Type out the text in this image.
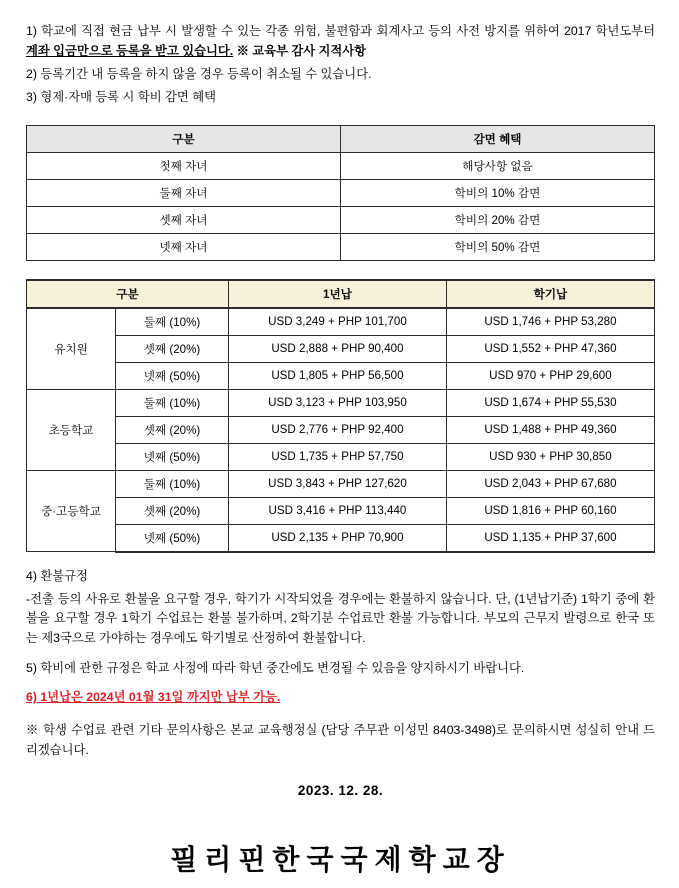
1) 학교에 직접 현금 납부 시 발생할 수 있는 각종 위험, 불편함과 회계사고 등의 사전 방지를 위하여 2017 학년도부터 계좌 입금만으로 등록을 받고 있습니다. ※ 교육부 감사 지적사항

2) 등록기간 내 등록을 하지 않을 경우 등록이 취소될 수 있습니다.

3) 형제·자매 등록 시 학비 감면 혜택

구분	감면 혜택
첫째 자녀	해당사항 없음
둘째 자녀	학비의 10% 감면
셋째 자녀	학비의 20% 감면
넷째 자녀	학비의 50% 감면
구분		1년납	학기납
유치원	둘째 (10%)	USD 3,249 + PHP 101,700	USD 1,746 + PHP 53,280
	셋째 (20%)	USD 2,888 + PHP 90,400	USD 1,552 + PHP 47,360
	넷째 (50%)	USD 1,805 + PHP 56,500	USD 970 + PHP 29,600
초등학교	둘째 (10%)	USD 3,123 + PHP 103,950	USD 1,674 + PHP 55,530
	셋째 (20%)	USD 2,776 + PHP 92,400	USD 1,488 + PHP 49,360
	넷째 (50%)	USD 1,735 + PHP 57,750	USD 930 + PHP 30,850
중·고등학교	둘째 (10%)	USD 3,843 + PHP 127,620	USD 2,043 + PHP 67,680
	셋째 (20%)	USD 3,416 + PHP 113,440	USD 1,816 + PHP 60,160
	넷째 (50%)	USD 2,135 + PHP 70,900	USD 1,135 + PHP 37,600

4) 환불규정

-전출 등의 사유로 환불을 요구할 경우, 학기가 시작되었을 경우에는 환불하지 않습니다. 단, (1년납기준) 1학기 중에 환불을 요구할 경우 1학기 수업료는 환불 불가하며, 2학기분 수업료만 환불 가능합니다. 부모의 근무지 발령으로 한국 또는 제3국으로 가야하는 경우에도 학기별로 산정하여 환불합니다.

5) 학비에 관한 규정은 학교 사정에 따라 학년 중간에도 변경될 수 있음을 양지하시기 바랍니다.

6) 1년납은 2024년 01월 31일 까지만 납부 가능.

※ 학생 수업료 관련 기타 문의사항은 본교 교육행정실 (담당 주무관 이성민 8403-3498)로 문의하시면 성실히 안내 드리겠습니다.

2023. 12. 28.
필리핀한국국제학교장
